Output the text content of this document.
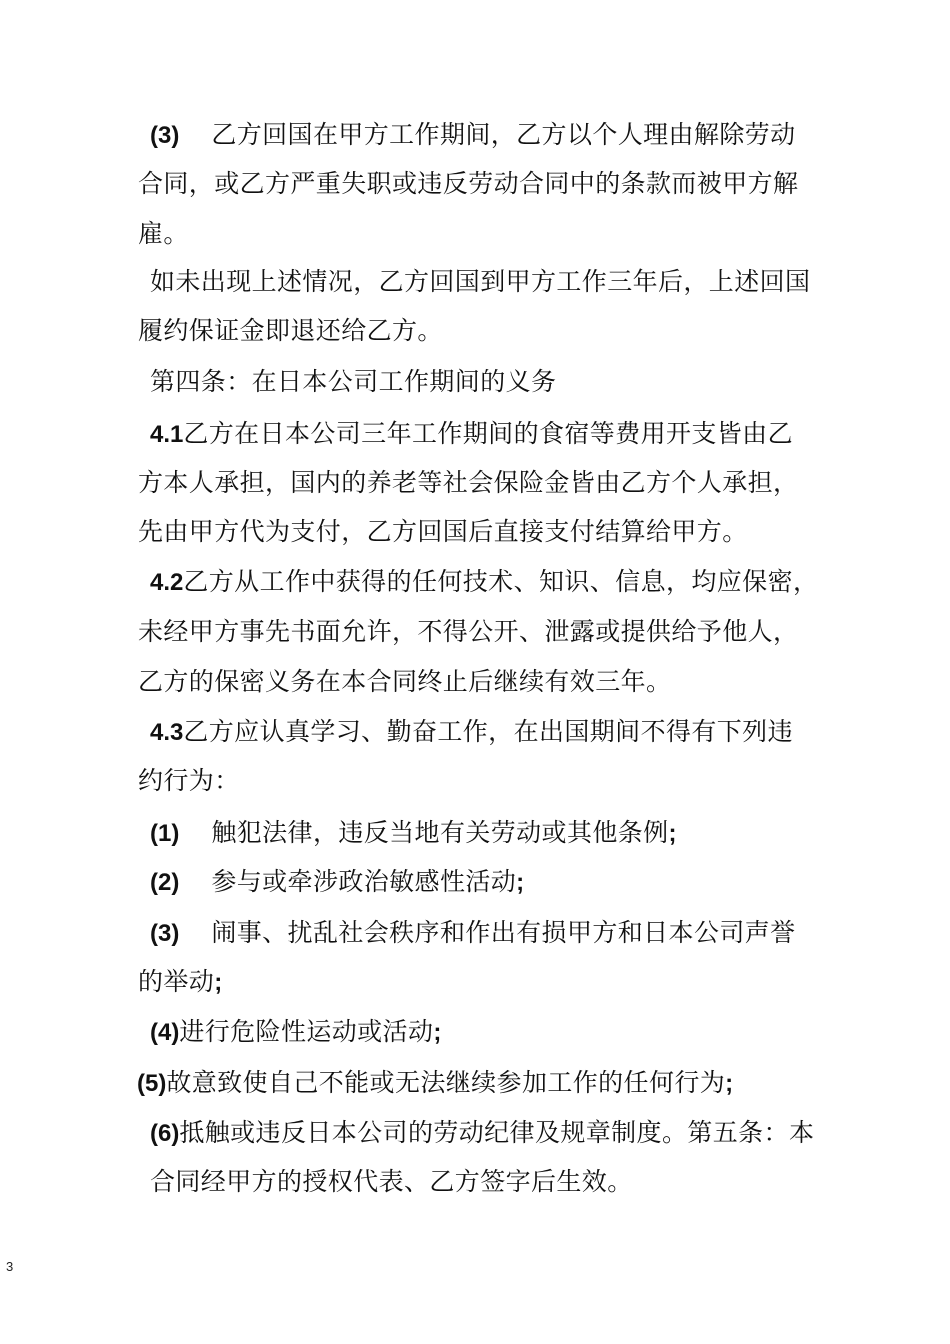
(3) 乙方回国在甲方工作期间，乙方以个人理由解除劳动
合同，或乙方严重失职或违反劳动合同中的条款而被甲方解
雇。
如未出现上述情况，乙方回国到甲方工作三年后，上述回国
履约保证金即退还给乙方。
第四条：在日本公司工作期间的义务
4.1乙方在日本公司三年工作期间的食宿等费用开支皆由乙
方本人承担，国内的养老等社会保险金皆由乙方个人承担，
先由甲方代为支付，乙方回国后直接支付结算给甲方。
4.2乙方从工作中获得的任何技术、知识、信息，均应保密，
未经甲方事先书面允许，不得公开、泄露或提供给予他人，
乙方的保密义务在本合同终止后继续有效三年。
4.3乙方应认真学习、勤奋工作，在出国期间不得有下列违
约行为：
(1) 触犯法律，违反当地有关劳动或其他条例;
(2) 参与或牵涉政治敏感性活动;
(3) 闹事、扰乱社会秩序和作出有损甲方和日本公司声誉
的举动;
(4)进行危险性运动或活动;
(5)故意致使自己不能或无法继续参加工作的任何行为;
(6)抵触或违反日本公司的劳动纪律及规章制度。第五条：本
合同经甲方的授权代表、乙方签字后生效。
3
